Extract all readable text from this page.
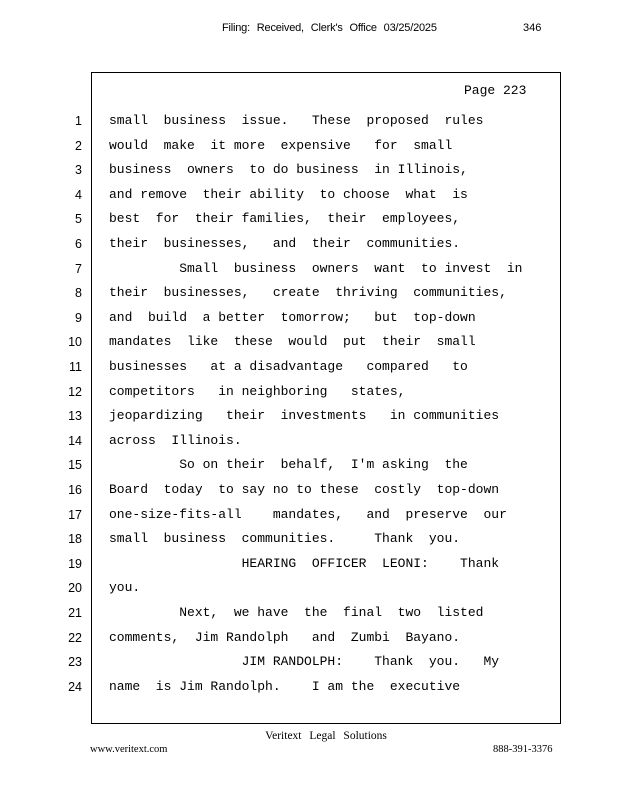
Filing: Received, Clerk's Office 03/25/2025	346
Page 223
1 small  business  issue.   These  proposed  rules
2 would  make  it more  expensive   for  small
3 business  owners  to do business  in Illinois,
4 and remove  their ability  to choose  what  is
5 best  for  their families,  their  employees,
6 their  businesses,   and  their  communities.
7 Small  business  owners  want  to invest  in
8 their  businesses,   create  thriving  communities,
9 and  build  a better  tomorrow;   but  top-down
10 mandates  like  these  would  put  their  small
11 businesses   at a disadvantage   compared   to
12 competitors   in neighboring   states,
13 jeopardizing   their  investments   in communities
14 across  Illinois.
15 So on their  behalf,  I'm asking  the
16 Board  today  to say no to these  costly  top-down
17 one-size-fits-all    mandates,   and  preserve  our
18 small  business  communities.     Thank  you.
19 HEARING  OFFICER  LEONI:    Thank
20 you.
21 Next,  we have  the  final  two  listed
22 comments,  Jim Randolph   and  Zumbi  Bayano.
23 JIM RANDOLPH:    Thank  you.   My
24 name  is Jim Randolph.    I am the  executive
Veritext Legal Solutions
www.veritext.com	888-391-3376
